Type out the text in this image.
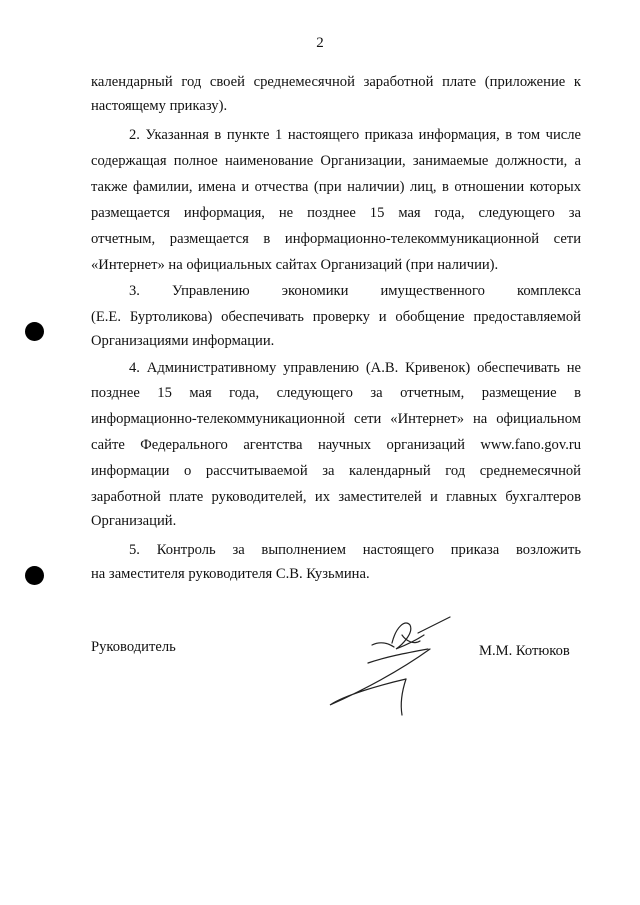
2
календарный год своей среднемесячной заработной плате (приложение к
настоящему приказу).
2. Указанная в пункте 1 настоящего приказа информация, в том числе
содержащая полное наименование Организации, занимаемые должности, а
также фамилии, имена и отчества (при наличии) лиц, в отношении которых
размещается информация, не позднее 15 мая года, следующего за
отчетным, размещается в информационно-телекоммуникационной сети
«Интернет» на официальных сайтах Организаций (при наличии).
3. Управлению экономики имущественного комплекса
(Е.Е. Буртоликова) обеспечивать проверку и обобщение предоставляемой
Организациями информации.
4. Административному управлению (А.В. Кривенок) обеспечивать не
позднее 15 мая года, следующего за отчетным, размещение в
информационно-телекоммуникационной сети «Интернет» на официальном
сайте Федерального агентства научных организаций www.fano.gov.ru
информации о рассчитываемой за календарный год среднемесячной
заработной плате руководителей, их заместителей и главных бухгалтеров
Организаций.
5. Контроль за выполнением настоящего приказа возложить
на заместителя руководителя С.В. Кузьмина.
Руководитель	М.М. Котюков
